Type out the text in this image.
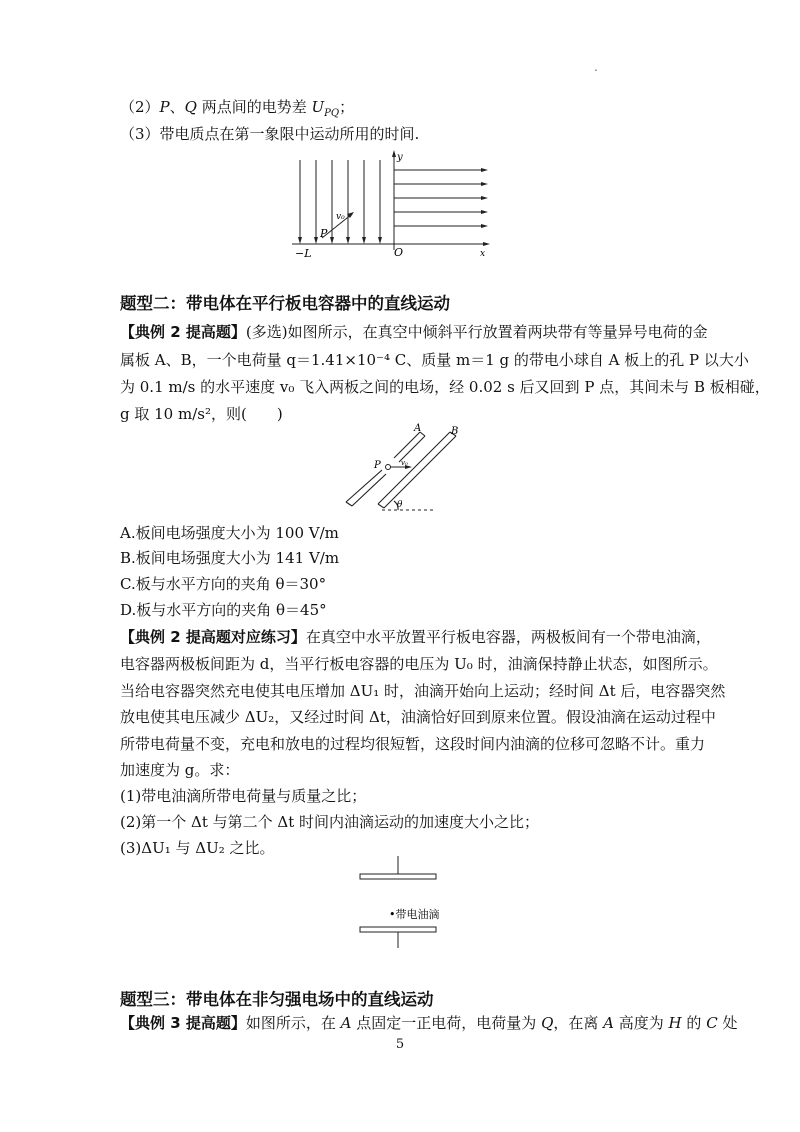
.
（2）P、Q 两点间的电势差 $U_{PQ}$；
（3）带电质点在第一象限中运动所用的时间.
y
x
O
−L
P
v₀
题型二：带电体在平行板电容器中的直线运动
【典例 2 提高题】(多选)如图所示，在真空中倾斜平行放置着两块带有等量异号电荷的金
属板 A、B，一个电荷量 q＝1.41×10⁻⁴ C、质量 m＝1 g 的带电小球自 A 板上的孔 P 以大小
为 0.1 m/s 的水平速度 v₀ 飞入两板之间的电场，经 0.02 s 后又回到 P 点，其间未与 B 板相碰，
g 取 10 m/s²，则(　　)
A	B
P	v₀
θ
A.板间电场强度大小为 100 V/m
B.板间电场强度大小为 141 V/m
C.板与水平方向的夹角 θ＝30°
D.板与水平方向的夹角 θ＝45°
【典例 2 提高题对应练习】在真空中水平放置平行板电容器，两极板间有一个带电油滴，
电容器两极板间距为 d，当平行板电容器的电压为 U₀ 时，油滴保持静止状态，如图所示。
当给电容器突然充电使其电压增加 ΔU₁ 时，油滴开始向上运动；经时间 Δt 后，电容器突然
放电使其电压减少 ΔU₂，又经过时间 Δt，油滴恰好回到原来位置。假设油滴在运动过程中
所带电荷量不变，充电和放电的过程均很短暂，这段时间内油滴的位移可忽略不计。重力
加速度为 g。求：
(1)带电油滴所带电荷量与质量之比；
(2)第一个 Δt 与第二个 Δt 时间内油滴运动的加速度大小之比；
(3)ΔU₁ 与 ΔU₂ 之比。
•带电油滴
题型三：带电体在非匀强电场中的直线运动
【典例 3 提高题】如图所示，在 A 点固定一正电荷，电荷量为 Q，在离 A 高度为 H 的 C 处
5
